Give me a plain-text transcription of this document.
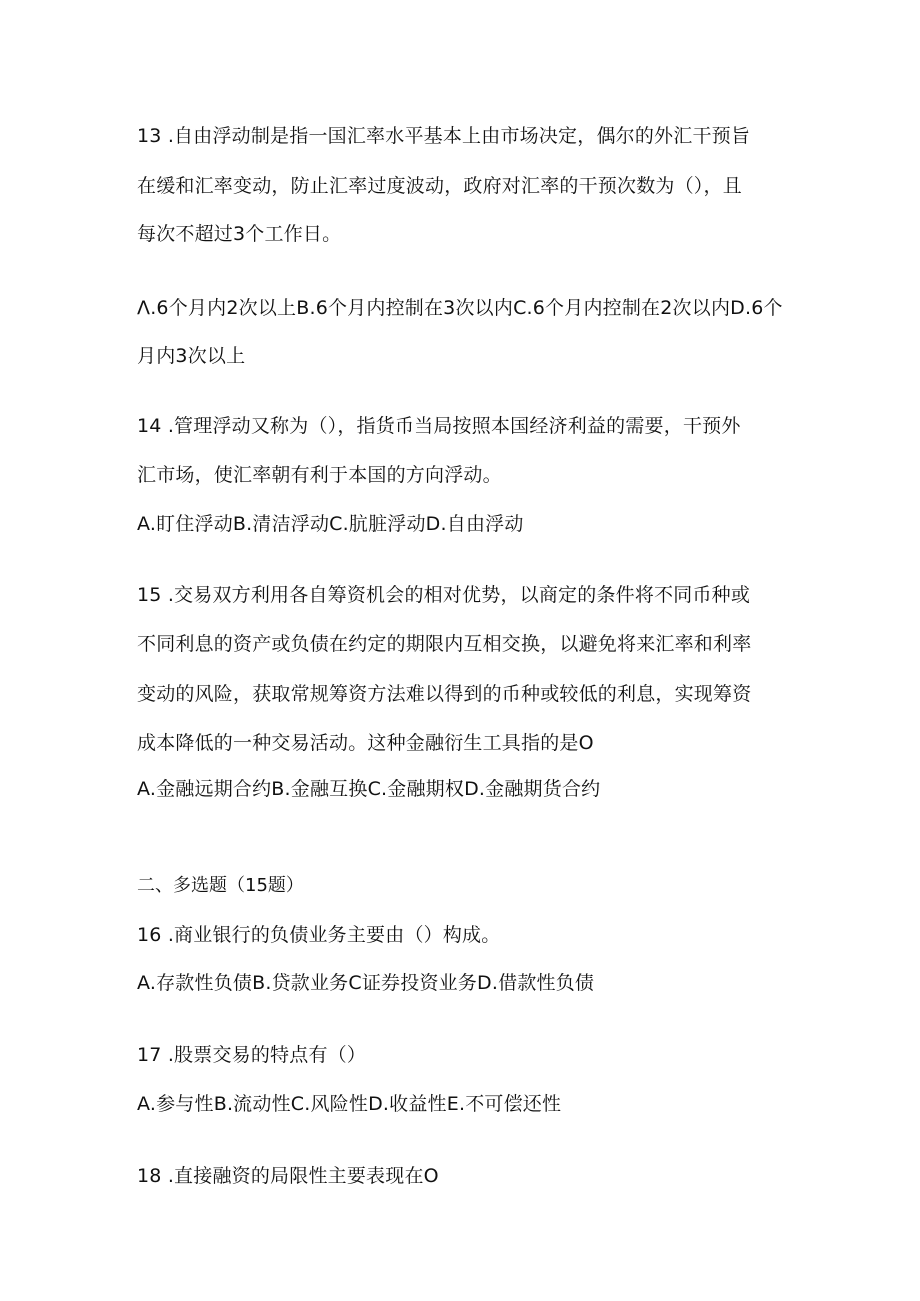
13 .自由浮动制是指一国汇率水平基本上由市场决定，偶尔的外汇干预旨
在缓和汇率变动，防止汇率过度波动，政府对汇率的干预次数为（），且
每次不超过3个工作日。
Λ.6个月内2次以上B.6个月内控制在3次以内C.6个月内控制在2次以内D.6个
月内3次以上
14 .管理浮动又称为（），指货币当局按照本国经济利益的需要，干预外
汇市场，使汇率朝有利于本国的方向浮动。
A.盯住浮动B.清洁浮动C.肮脏浮动D.自由浮动
15 .交易双方利用各自筹资机会的相对优势，以商定的条件将不同币种或
不同利息的资产或负债在约定的期限内互相交换，以避免将来汇率和利率
变动的风险，获取常规筹资方法难以得到的币种或较低的利息，实现筹资
成本降低的一种交易活动。这种金融衍生工具指的是O
A.金融远期合约B.金融互换C.金融期权D.金融期货合约
二、多选题（15题）
16 .商业银行的负债业务主要由（）构成。
A.存款性负债B.贷款业务C证券投资业务D.借款性负债
17 .股票交易的特点有（）
A.参与性B.流动性C.风险性D.收益性E.不可偿还性
18 .直接融资的局限性主要表现在O
